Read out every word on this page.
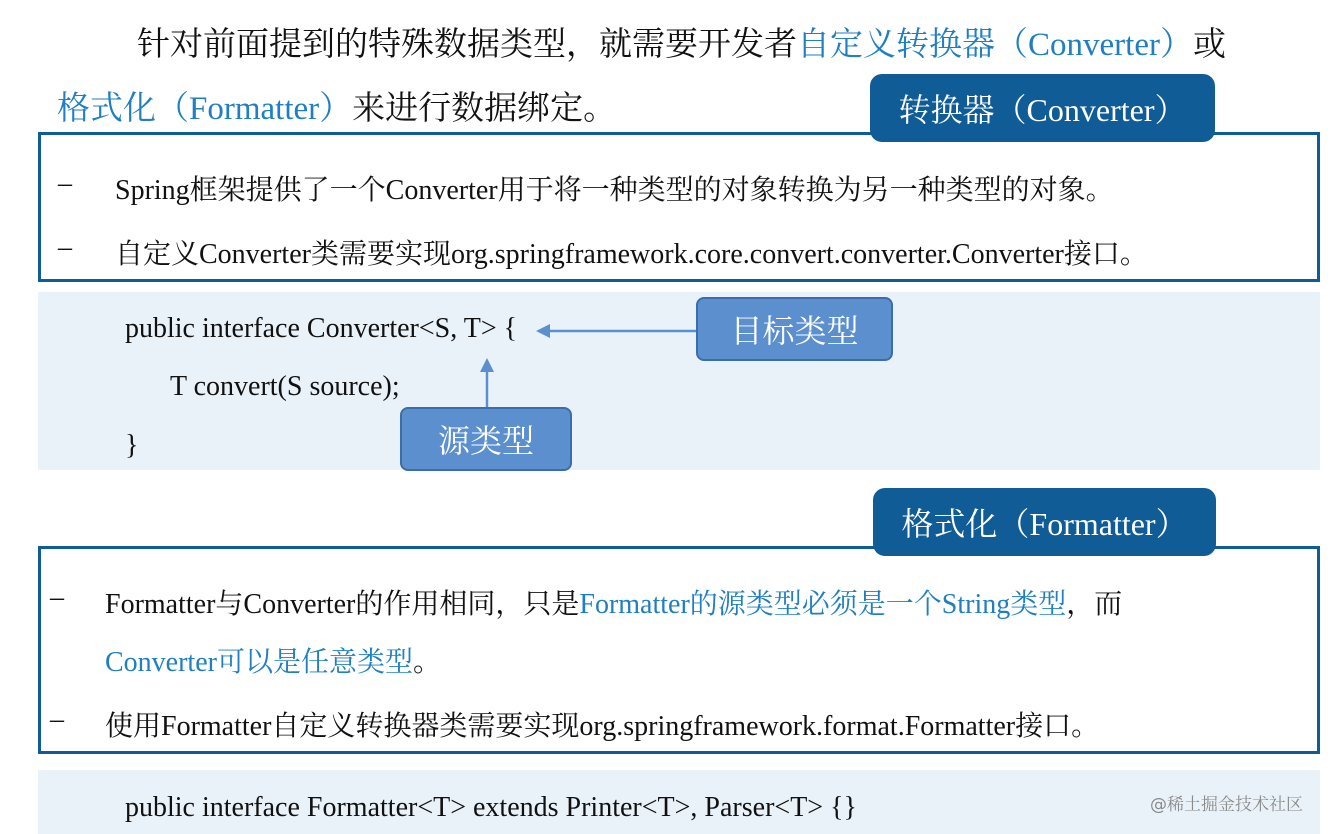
针对前面提到的特殊数据类型，就需要开发者自定义转换器（Converter）或
格式化（Formatter）来进行数据绑定。	转换器（Converter）
– Spring框架提供了一个Converter用于将一种类型的对象转换为另一种类型的对象。
– 自定义Converter类需要实现org.springframework.core.convert.converter.Converter接口。
public interface Converter<S, T> {
T convert(S source);
}
目标类型
源类型
格式化（Formatter）
– Formatter与Converter的作用相同，只是Formatter的源类型必须是一个String类型，而
Converter可以是任意类型。
– 使用Formatter自定义转换器类需要实现org.springframework.format.Formatter接口。
public interface Formatter<T> extends Printer<T>, Parser<T> {}	@稀土掘金技术社区
